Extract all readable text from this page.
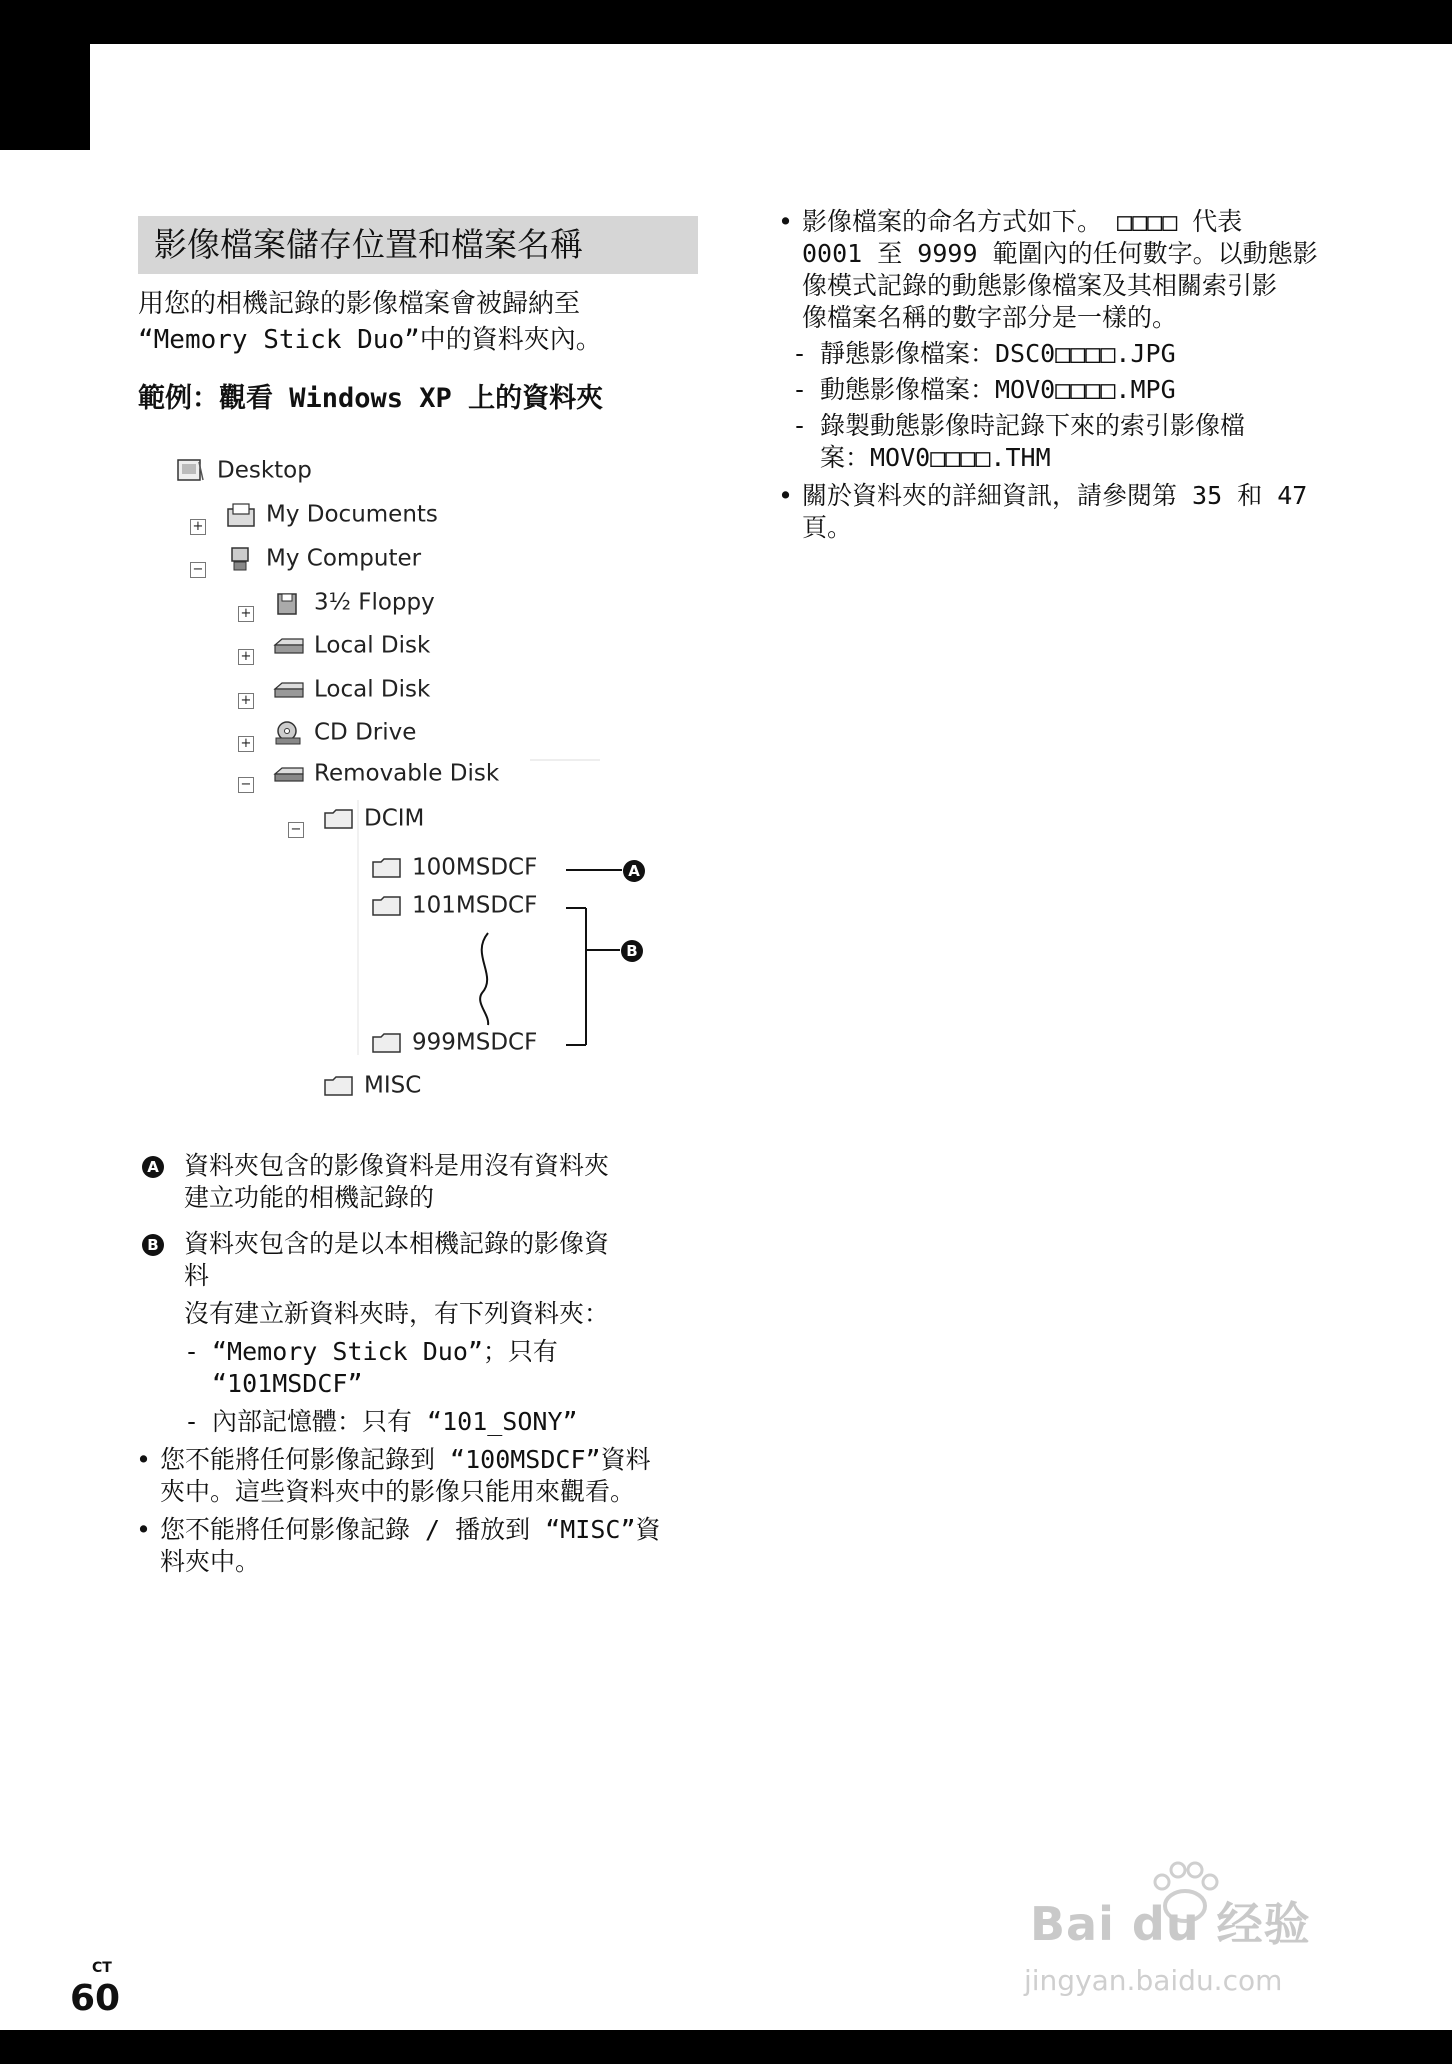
影像檔案儲存位置和檔案名稱
用您的相機記錄的影像檔案會被歸納至
“Memory Stick Duo”中的資料夾內。
範例：觀看 Windows XP 上的資料夾
A
B
Desktop
+	My Documents
−	My Computer
+	3½ Floppy
+	Local Disk
+	Local Disk
+	CD Drive
−	Removable Disk
−	DCIM
100MSDCF
101MSDCF
999MSDCF
MISC
A 資料夾包含的影像資料是用沒有資料夾
建立功能的相機記錄的
B 資料夾包含的是以本相機記錄的影像資
料
沒有建立新資料夾時，有下列資料夾：
- “Memory Stick Duo”；只有
“101MSDCF”
- 內部記憶體：只有 “101_SONY”
• 您不能將任何影像記錄到 “100MSDCF”資料
夾中。這些資料夾中的影像只能用來觀看。
• 您不能將任何影像記錄 / 播放到 “MISC”資
料夾中。
• 影像檔案的命名方式如下。 □□□□ 代表
0001 至 9999 範圍內的任何數字。以動態影
像模式記錄的動態影像檔案及其相關索引影
像檔案名稱的數字部分是一樣的。
- 靜態影像檔案：DSC0□□□□.JPG
- 動態影像檔案：MOV0□□□□.MPG
- 錄製動態影像時記錄下來的索引影像檔
案：MOV0□□□□.THM
• 關於資料夾的詳細資訊，請參閱第 35 和 47
頁。
CT
60
Bai du 经验
jingyan.baidu.com
